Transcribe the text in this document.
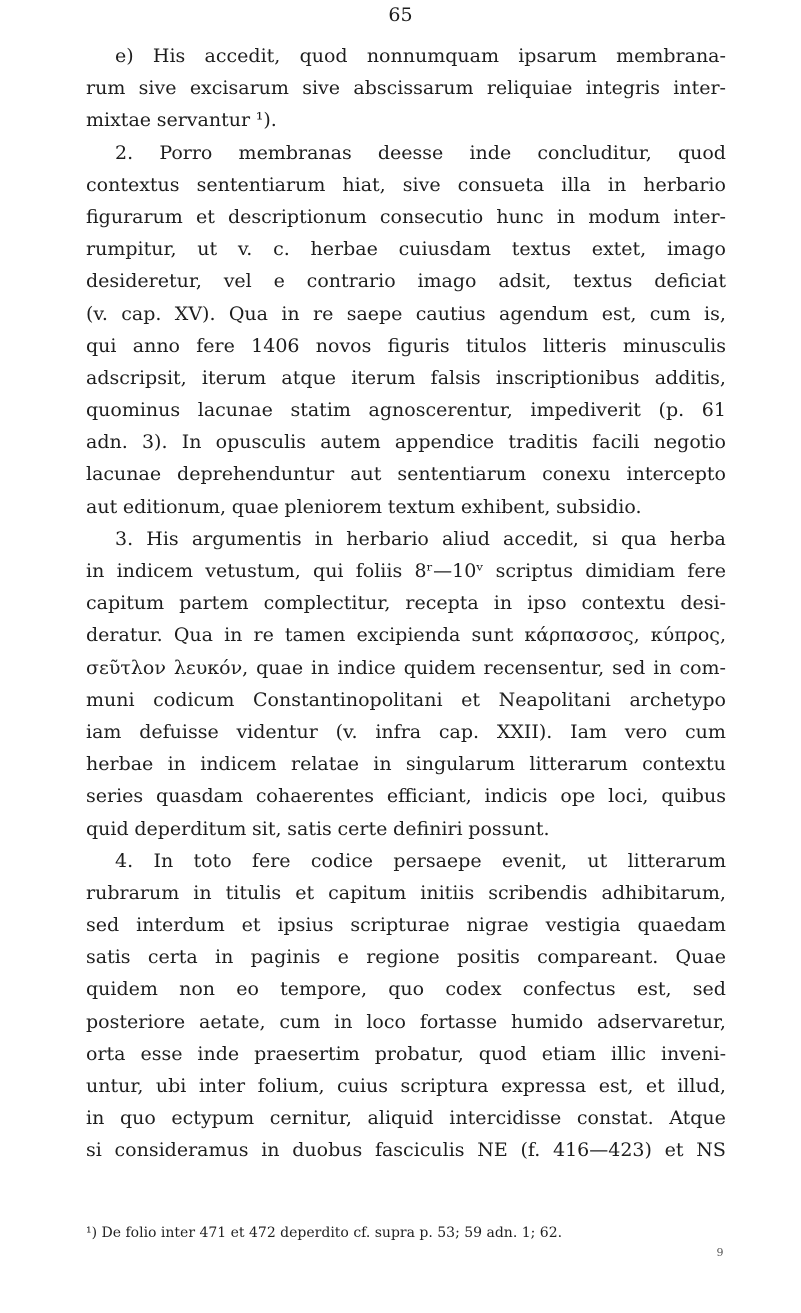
65
e) His accedit, quod nonnumquam ipsarum membrana-
rum sive excisarum sive abscissarum reliquiae integris inter-
mixtae servantur ¹).
2. Porro membranas deesse inde concluditur, quod
contextus sententiarum hiat, sive consueta illa in herbario
figurarum et descriptionum consecutio hunc in modum inter-
rumpitur, ut v. c. herbae cuiusdam textus extet, imago
desideretur, vel e contrario imago adsit, textus deficiat
(v. cap. XV). Qua in re saepe cautius agendum est, cum is,
qui anno fere 1406 novos figuris titulos litteris minusculis
adscripsit, iterum atque iterum falsis inscriptionibus additis,
quominus lacunae statim agnoscerentur, impediverit (p. 61
adn. 3). In opusculis autem appendice traditis facili negotio
lacunae deprehenduntur aut sententiarum conexu intercepto
aut editionum, quae pleniorem textum exhibent, subsidio.
3. His argumentis in herbario aliud accedit, si qua herba
in indicem vetustum, qui foliis 8ʳ—10ᵛ scriptus dimidiam fere
capitum partem complectitur, recepta in ipso contextu desi-
deratur. Qua in re tamen excipienda sunt κάρπασσος, κύπρος,
σεῦτλον λευκόν, quae in indice quidem recensentur, sed in com-
muni codicum Constantinopolitani et Neapolitani archetypo
iam defuisse videntur (v. infra cap. XXII). Iam vero cum
herbae in indicem relatae in singularum litterarum contextu
series quasdam cohaerentes efficiant, indicis ope loci, quibus
quid deperditum sit, satis certe definiri possunt.
4. In toto fere codice persaepe evenit, ut litterarum
rubrarum in titulis et capitum initiis scribendis adhibitarum,
sed interdum et ipsius scripturae nigrae vestigia quaedam
satis certa in paginis e regione positis compareant. Quae
quidem non eo tempore, quo codex confectus est, sed
posteriore aetate, cum in loco fortasse humido adservaretur,
orta esse inde praesertim probatur, quod etiam illic inveni-
untur, ubi inter folium, cuius scriptura expressa est, et illud,
in quo ectypum cernitur, aliquid intercidisse constat. Atque
si consideramus in duobus fasciculis NE (f. 416—423) et NS
¹) De folio inter 471 et 472 deperdito cf. supra p. 53; 59 adn. 1; 62.
9
